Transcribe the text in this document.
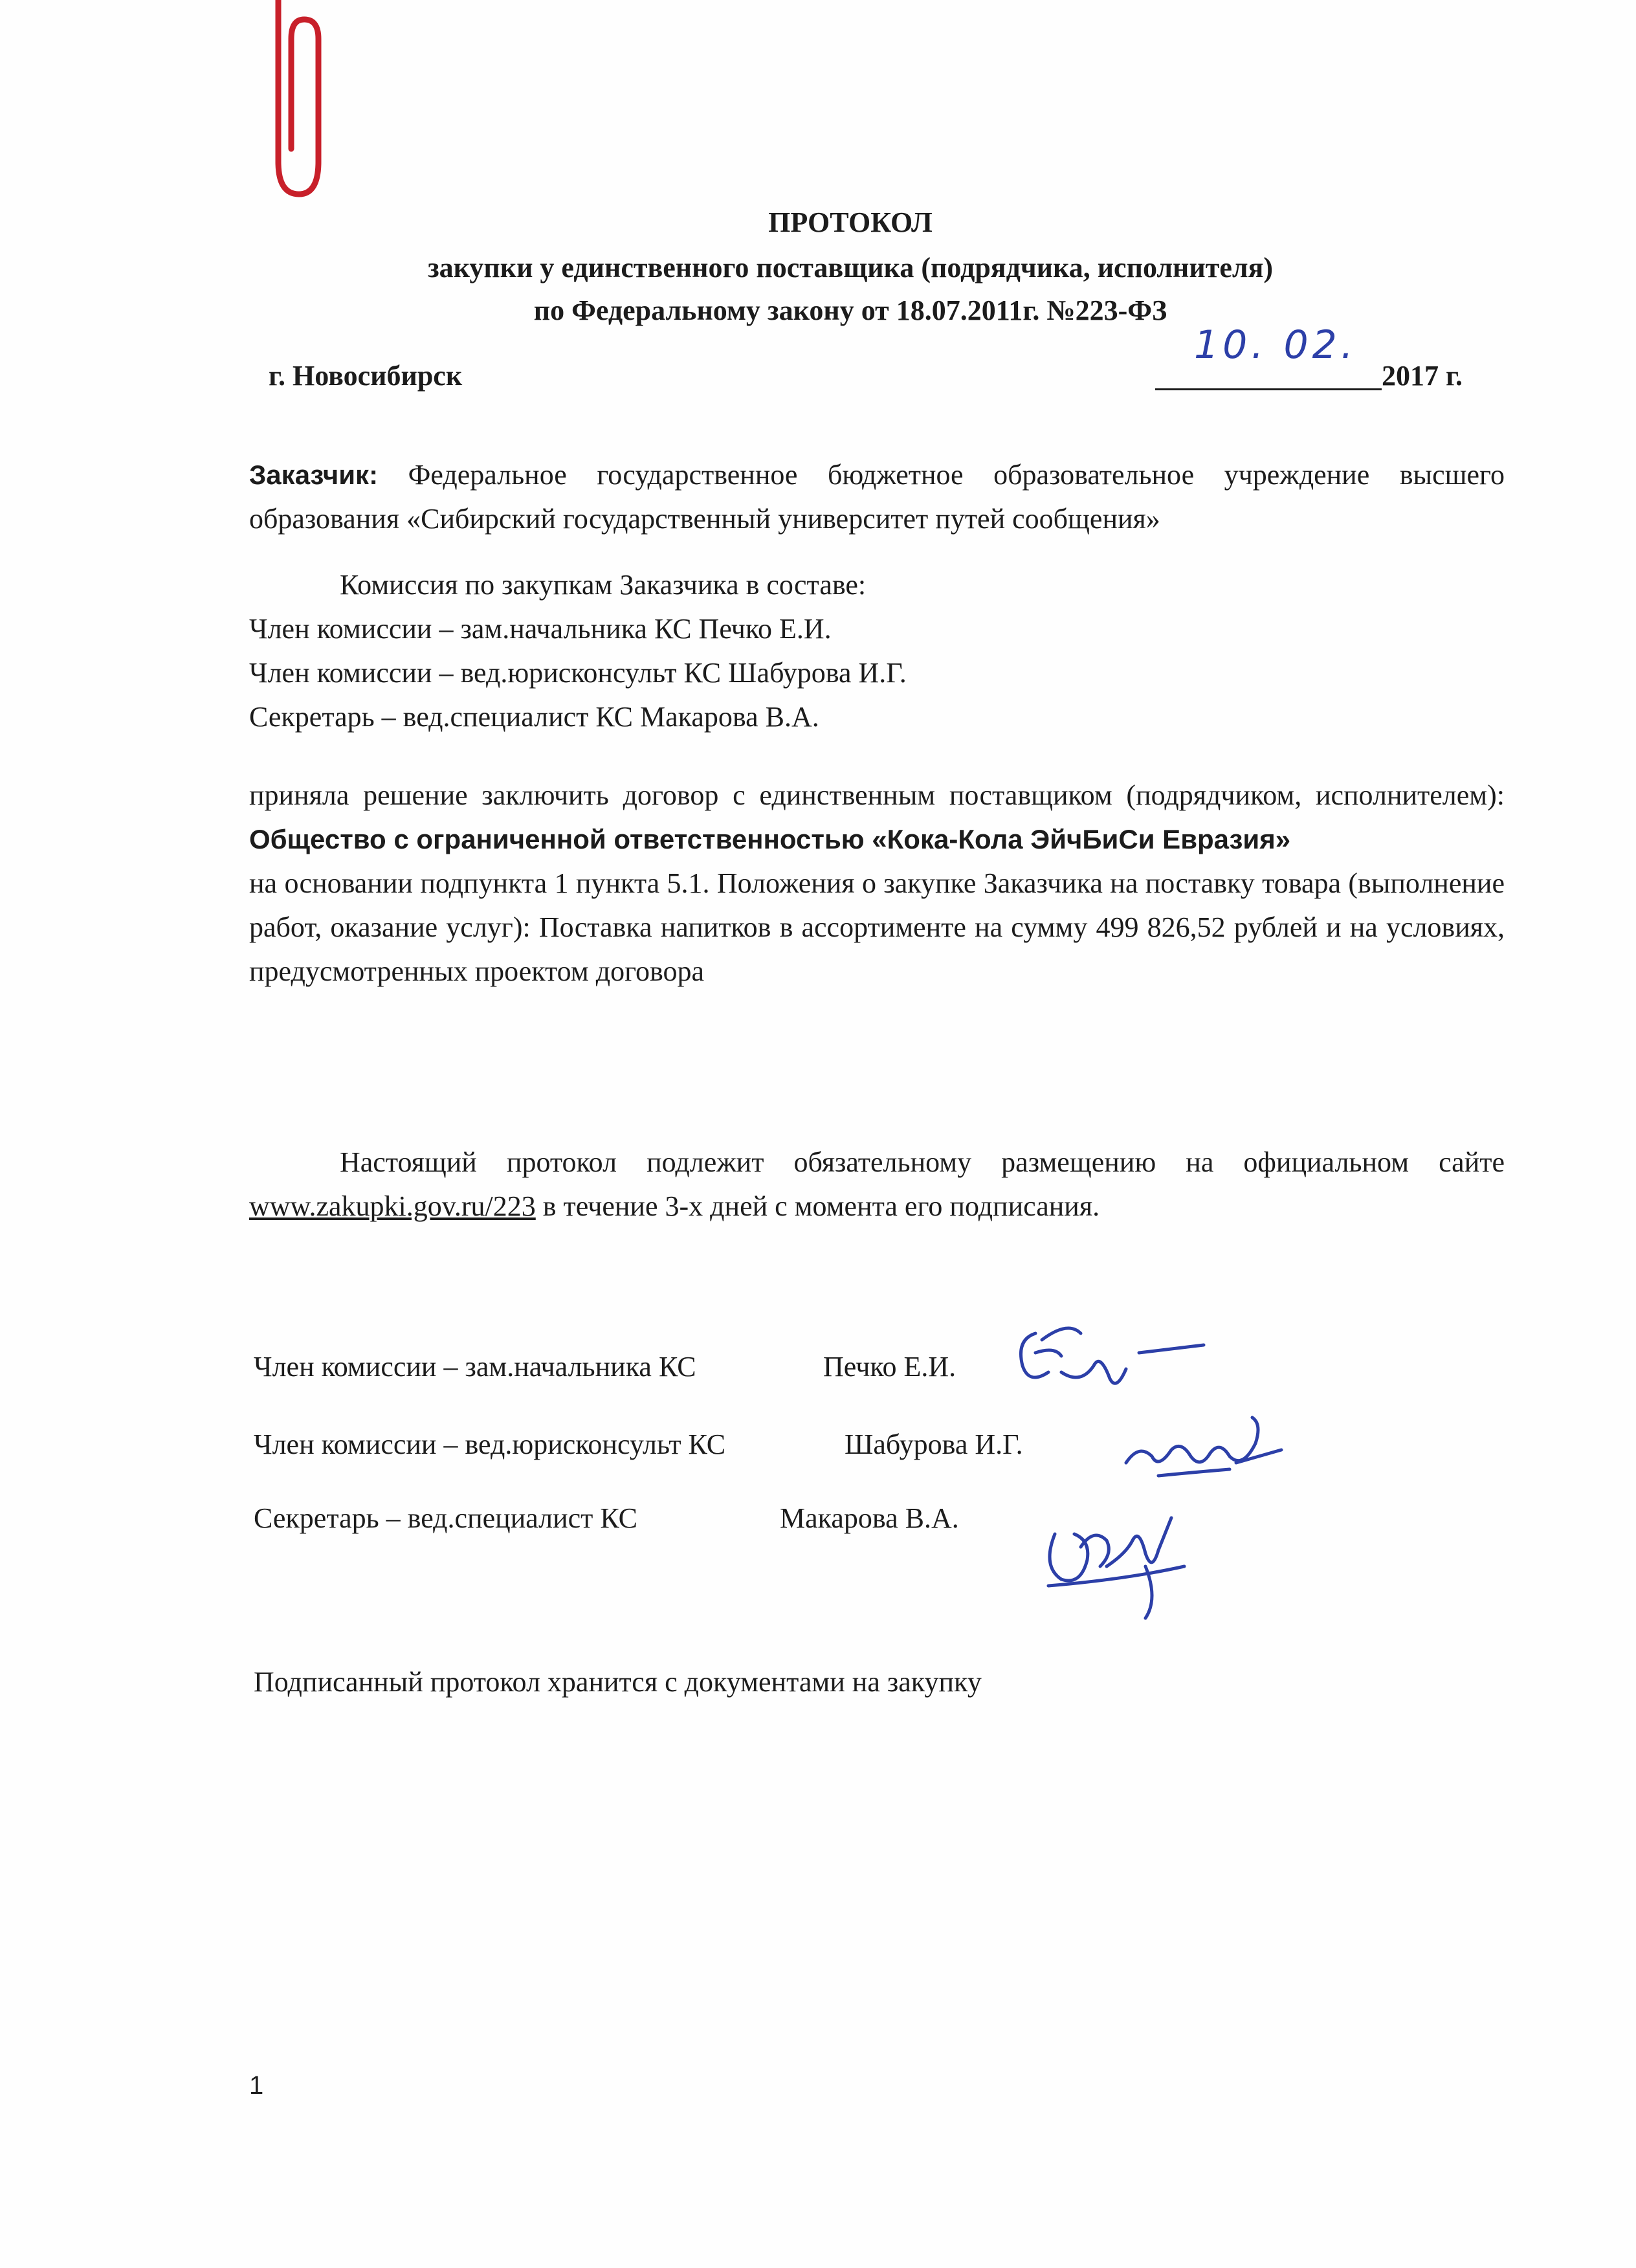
ПРОТОКОЛ

закупки у единственного поставщика (подрядчика, исполнителя)

по Федеральному закону от 18.07.2011г. №223-ФЗ

г. Новосибирск

10. 02.

2017 г.

Заказчик: Федеральное государственное бюджетное образовательное учреждение высшего образования «Сибирский государственный университет путей сообщения»

Комиссия по закупкам Заказчика в составе:
Член комиссии – зам.начальника КС Печко Е.И.
Член комиссии – вед.юрисконсульт КС Шабурова И.Г.
Секретарь – вед.специалист КС Макарова В.А.

приняла решение заключить договор с единственным поставщиком (подрядчиком, исполнителем): Общество с ограниченной ответственностью «Кока-Кола ЭйчБиСи Евразия»
на основании подпункта 1 пункта 5.1. Положения о закупке Заказчика на поставку товара (выполнение работ, оказание услуг): Поставка напитков в ассортименте на сумму 499 826,52 рублей и на условиях, предусмотренных проектом договора

Настоящий протокол подлежит обязательному размещению на официальном сайте www.zakupki.gov.ru/223 в течение 3-х дней с момента его подписания.

Член комиссии – зам.начальника КС	Печко Е.И.

Член комиссии – вед.юрисконсульт КС	Шабурова И.Г.

Секретарь – вед.специалист КС	Макарова В.А.

Подписанный протокол хранится с документами на закупку

1
